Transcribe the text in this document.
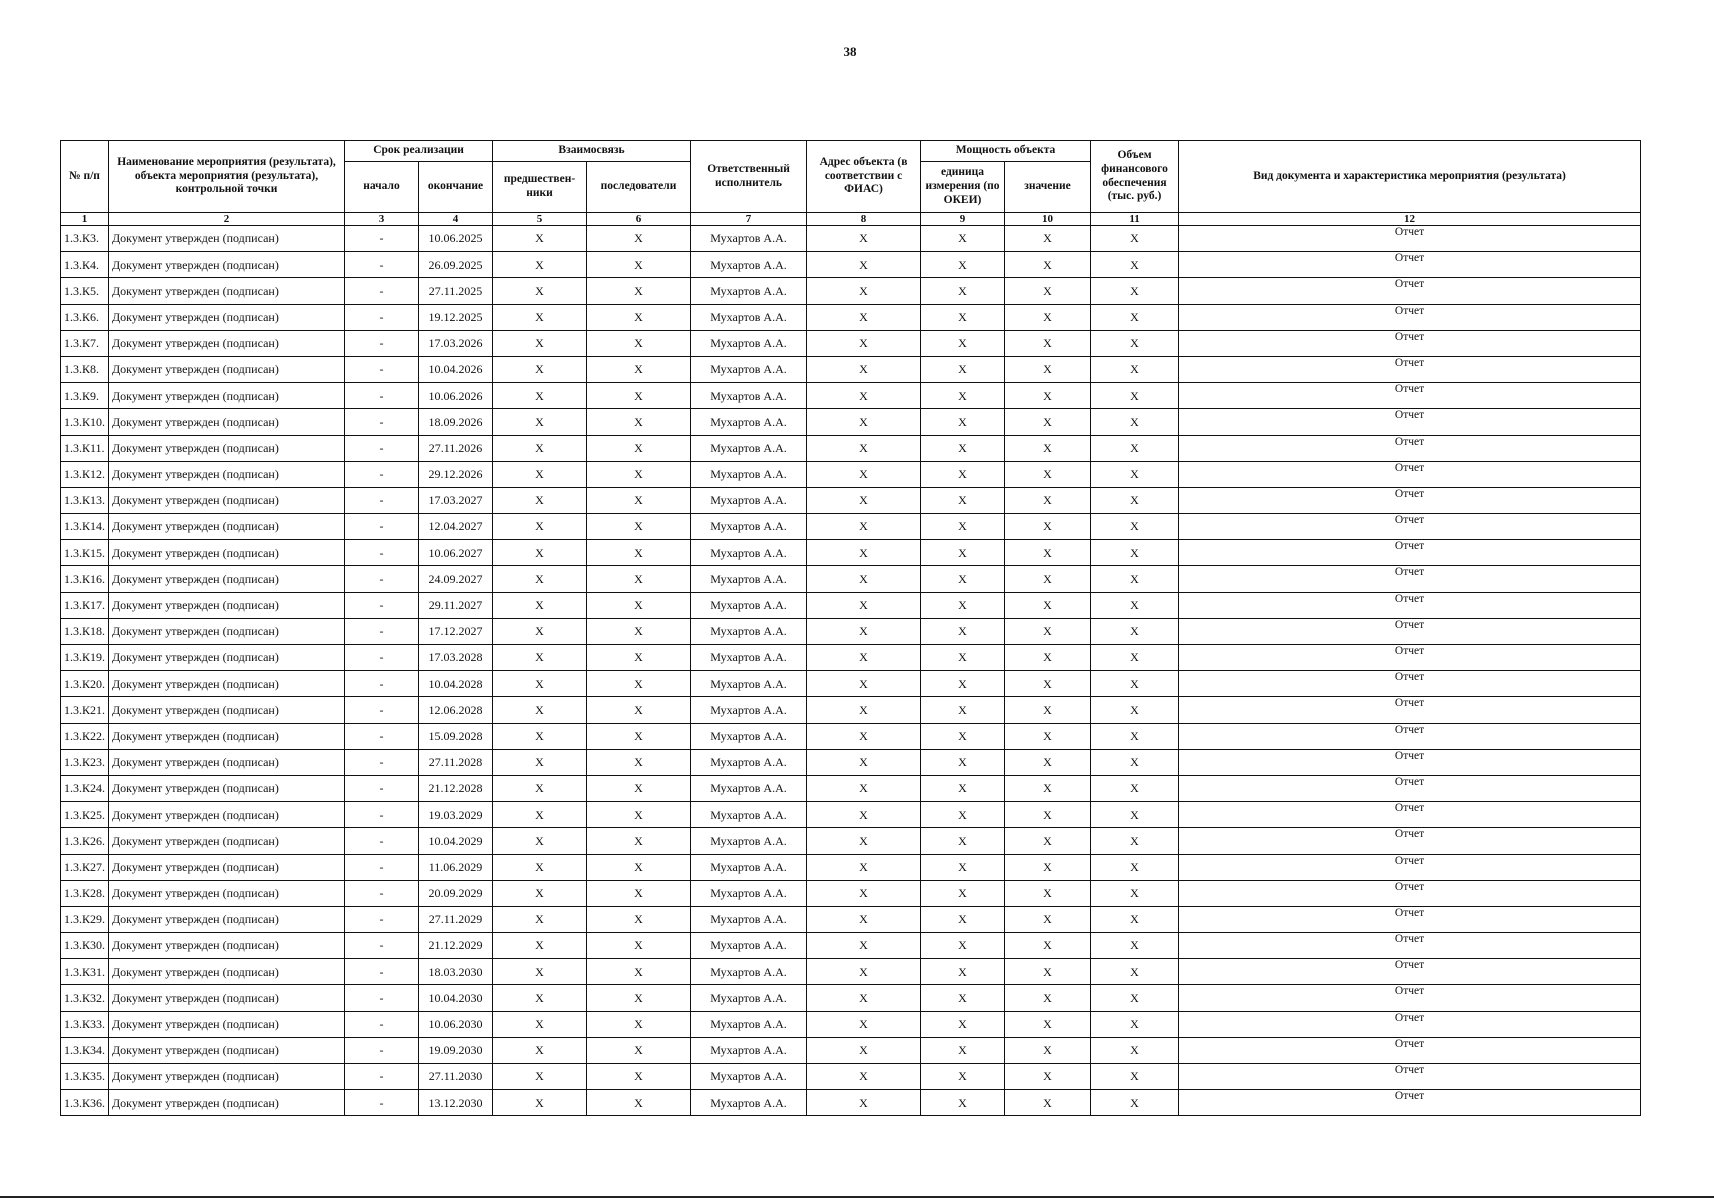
38
№ п/п	Наименование мероприятия (результата), объекта мероприятия (результата), контрольной точки	Срок реализации		Взаимосвязь		Ответственный исполнитель	Адрес объекта (в соответствии с ФИАС)	Мощность объекта		Объем финансового обеспечения (тыс. руб.)	Вид документа и характеристика мероприятия (результата)
		начало	окончание	предшествен-ники	последователи			единица измерения (по ОКЕИ)	значение		
1	2	3	4	5	6	7	8	9	10	11	12
1.3.К3.	Документ утвержден (подписан)	-	10.06.2025	X	X	Мухартов А.А.	X	X	X	X	Отчет
1.3.К4.	Документ утвержден (подписан)	-	26.09.2025	X	X	Мухартов А.А.	X	X	X	X	Отчет
1.3.К5.	Документ утвержден (подписан)	-	27.11.2025	X	X	Мухартов А.А.	X	X	X	X	Отчет
1.3.К6.	Документ утвержден (подписан)	-	19.12.2025	X	X	Мухартов А.А.	X	X	X	X	Отчет
1.3.К7.	Документ утвержден (подписан)	-	17.03.2026	X	X	Мухартов А.А.	X	X	X	X	Отчет
1.3.К8.	Документ утвержден (подписан)	-	10.04.2026	X	X	Мухартов А.А.	X	X	X	X	Отчет
1.3.К9.	Документ утвержден (подписан)	-	10.06.2026	X	X	Мухартов А.А.	X	X	X	X	Отчет
1.3.К10.	Документ утвержден (подписан)	-	18.09.2026	X	X	Мухартов А.А.	X	X	X	X	Отчет
1.3.К11.	Документ утвержден (подписан)	-	27.11.2026	X	X	Мухартов А.А.	X	X	X	X	Отчет
1.3.К12.	Документ утвержден (подписан)	-	29.12.2026	X	X	Мухартов А.А.	X	X	X	X	Отчет
1.3.К13.	Документ утвержден (подписан)	-	17.03.2027	X	X	Мухартов А.А.	X	X	X	X	Отчет
1.3.К14.	Документ утвержден (подписан)	-	12.04.2027	X	X	Мухартов А.А.	X	X	X	X	Отчет
1.3.К15.	Документ утвержден (подписан)	-	10.06.2027	X	X	Мухартов А.А.	X	X	X	X	Отчет
1.3.К16.	Документ утвержден (подписан)	-	24.09.2027	X	X	Мухартов А.А.	X	X	X	X	Отчет
1.3.К17.	Документ утвержден (подписан)	-	29.11.2027	X	X	Мухартов А.А.	X	X	X	X	Отчет
1.3.К18.	Документ утвержден (подписан)	-	17.12.2027	X	X	Мухартов А.А.	X	X	X	X	Отчет
1.3.К19.	Документ утвержден (подписан)	-	17.03.2028	X	X	Мухартов А.А.	X	X	X	X	Отчет
1.3.К20.	Документ утвержден (подписан)	-	10.04.2028	X	X	Мухартов А.А.	X	X	X	X	Отчет
1.3.К21.	Документ утвержден (подписан)	-	12.06.2028	X	X	Мухартов А.А.	X	X	X	X	Отчет
1.3.К22.	Документ утвержден (подписан)	-	15.09.2028	X	X	Мухартов А.А.	X	X	X	X	Отчет
1.3.К23.	Документ утвержден (подписан)	-	27.11.2028	X	X	Мухартов А.А.	X	X	X	X	Отчет
1.3.К24.	Документ утвержден (подписан)	-	21.12.2028	X	X	Мухартов А.А.	X	X	X	X	Отчет
1.3.К25.	Документ утвержден (подписан)	-	19.03.2029	X	X	Мухартов А.А.	X	X	X	X	Отчет
1.3.К26.	Документ утвержден (подписан)	-	10.04.2029	X	X	Мухартов А.А.	X	X	X	X	Отчет
1.3.К27.	Документ утвержден (подписан)	-	11.06.2029	X	X	Мухартов А.А.	X	X	X	X	Отчет
1.3.К28.	Документ утвержден (подписан)	-	20.09.2029	X	X	Мухартов А.А.	X	X	X	X	Отчет
1.3.К29.	Документ утвержден (подписан)	-	27.11.2029	X	X	Мухартов А.А.	X	X	X	X	Отчет
1.3.К30.	Документ утвержден (подписан)	-	21.12.2029	X	X	Мухартов А.А.	X	X	X	X	Отчет
1.3.К31.	Документ утвержден (подписан)	-	18.03.2030	X	X	Мухартов А.А.	X	X	X	X	Отчет
1.3.К32.	Документ утвержден (подписан)	-	10.04.2030	X	X	Мухартов А.А.	X	X	X	X	Отчет
1.3.К33.	Документ утвержден (подписан)	-	10.06.2030	X	X	Мухартов А.А.	X	X	X	X	Отчет
1.3.К34.	Документ утвержден (подписан)	-	19.09.2030	X	X	Мухартов А.А.	X	X	X	X	Отчет
1.3.К35.	Документ утвержден (подписан)	-	27.11.2030	X	X	Мухартов А.А.	X	X	X	X	Отчет
1.3.К36.	Документ утвержден (подписан)	-	13.12.2030	X	X	Мухартов А.А.	X	X	X	X	Отчет
